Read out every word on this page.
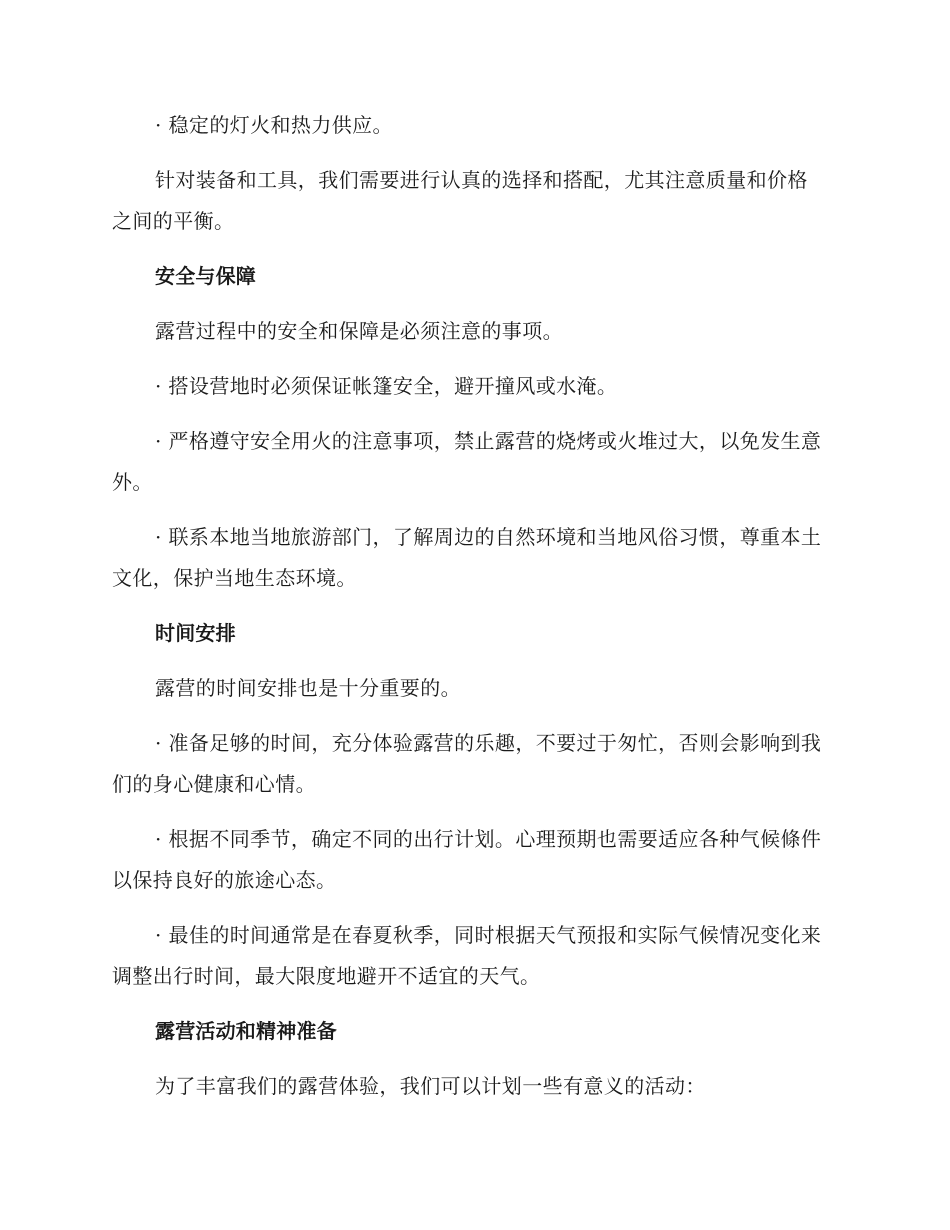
· 稳定的灯火和热力供应。

针对装备和工具，我们需要进行认真的选择和搭配，尤其注意质量和价格之间的平衡。

安全与保障

露营过程中的安全和保障是必须注意的事项。

· 搭设营地时必须保证帐篷安全，避开撞风或水淹。

· 严格遵守安全用火的注意事项，禁止露营的烧烤或火堆过大，以免发生意外。

· 联系本地当地旅游部门，了解周边的自然环境和当地风俗习惯，尊重本土文化，保护当地生态环境。

时间安排

露营的时间安排也是十分重要的。

· 准备足够的时间，充分体验露营的乐趣，不要过于匆忙，否则会影响到我们的身心健康和心情。

· 根据不同季节，确定不同的出行计划。心理预期也需要适应各种气候條件以保持良好的旅途心态。

· 最佳的时间通常是在春夏秋季，同时根据天气预报和实际气候情况变化来调整出行时间，最大限度地避开不适宜的天气。

露营活动和精神准备

为了丰富我们的露营体验，我们可以计划一些有意义的活动：
